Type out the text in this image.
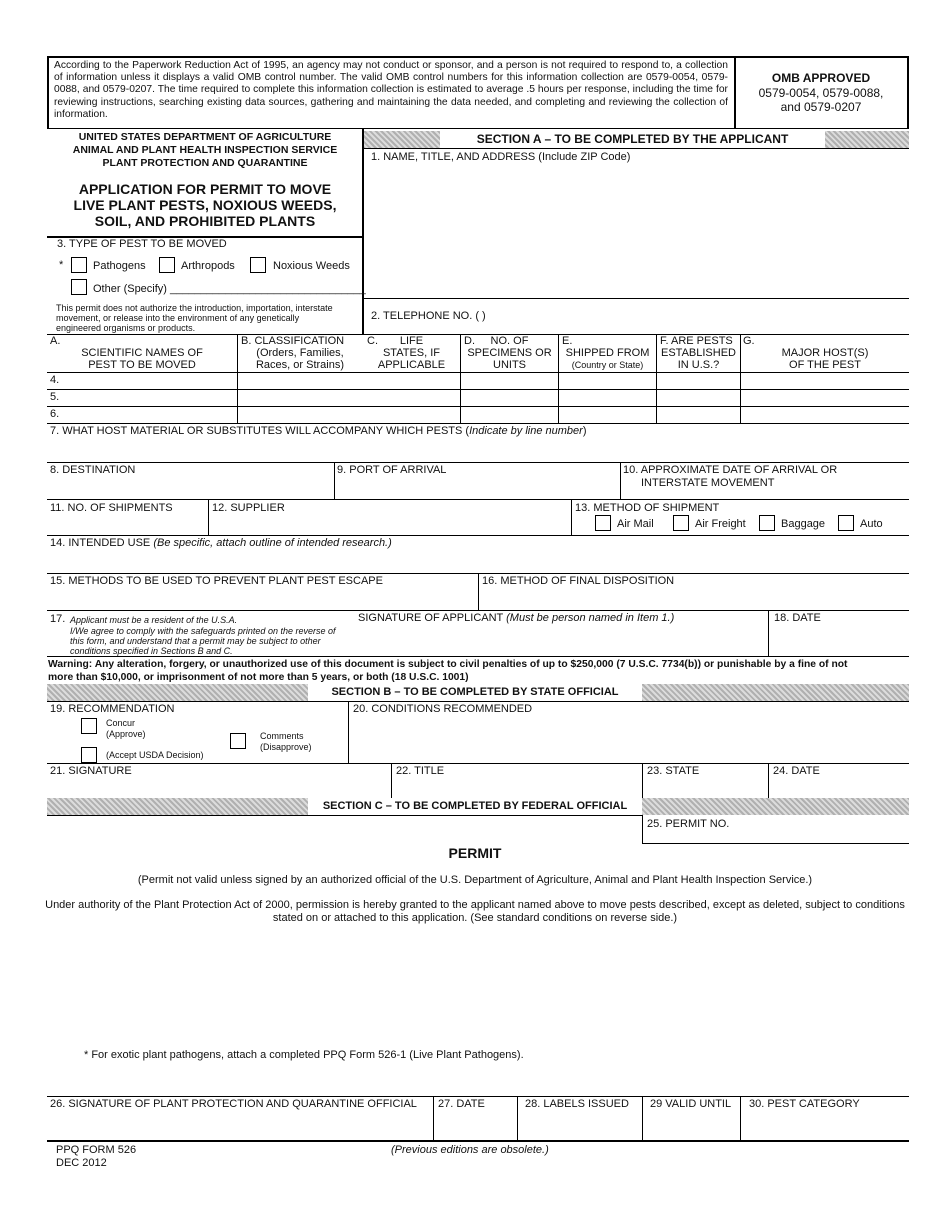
According to the Paperwork Reduction Act of 1995, an agency may not conduct or sponsor, and a person is not required to respond to, a collection of information unless it displays a valid OMB control number. The valid OMB control numbers for this information collection are 0579-0054, 0579-0088, and 0579-0207. The time required to complete this information collection is estimated to average .5 hours per response, including the time for reviewing instructions, searching existing data sources, gathering and maintaining the data needed, and completing and reviewing the collection of information.
OMB APPROVED
0579-0054, 0579-0088,
and 0579-0207
UNITED STATES DEPARTMENT OF AGRICULTURE
ANIMAL AND PLANT HEALTH INSPECTION SERVICE
PLANT PROTECTION AND QUARANTINE
APPLICATION FOR PERMIT TO MOVE
LIVE PLANT PESTS, NOXIOUS WEEDS,
SOIL, AND PROHIBITED PLANTS
SECTION A – TO BE COMPLETED BY THE APPLICANT
1. NAME, TITLE, AND ADDRESS (Include ZIP Code)
2. TELEPHONE NO. ( )
3. TYPE OF PEST TO BE MOVED
*	Pathogens	Arthropods	Noxious Weeds
Other (Specify) ________________________________
This permit does not authorize the introduction, importation, interstate
movement, or release into the environment of any genetically
engineered organisms or products.
A.
SCIENTIFIC NAMES OF
PEST TO BE MOVED
B. CLASSIFICATION
(Orders, Families,
Races, or Strains)
C.	LIFE
STATES, IF
APPLICABLE
D.	NO. OF
SPECIMENS OR
UNITS
E.
SHIPPED FROM
(Country or State)
F. ARE PESTS
ESTABLISHED
IN U.S.?
G.
MAJOR HOST(S)
OF THE PEST
4.
5.
6.
7. WHAT HOST MATERIAL OR SUBSTITUTES WILL ACCOMPANY WHICH PESTS (Indicate by line number)
8. DESTINATION	9. PORT OF ARRIVAL	10. APPROXIMATE DATE OF ARRIVAL OR
INTERSTATE MOVEMENT
11. NO. OF SHIPMENTS	12. SUPPLIER	13. METHOD OF SHIPMENT
Air Mail	Air Freight	Baggage	Auto
14. INTENDED USE (Be specific, attach outline of intended research.)
15. METHODS TO BE USED TO PREVENT PLANT PEST ESCAPE	16. METHOD OF FINAL DISPOSITION
17. Applicant must be a resident of the U.S.A.
I/We agree to comply with the safeguards printed on the reverse of
this form, and understand that a permit may be subject to other
conditions specified in Sections B and C.
SIGNATURE OF APPLICANT (Must be person named in Item 1.)	18. DATE
Warning: Any alteration, forgery, or unauthorized use of this document is subject to civil penalties of up to $250,000 (7 U.S.C. 7734(b)) or punishable by a fine of not
more than $10,000, or imprisonment of not more than 5 years, or both (18 U.S.C. 1001)
SECTION B – TO BE COMPLETED BY STATE OFFICIAL
19. RECOMMENDATION
Concur
(Approve)	Comments
(Disapprove)
(Accept USDA Decision)
20. CONDITIONS RECOMMENDED
21. SIGNATURE	22. TITLE	23. STATE	24. DATE
SECTION C – TO BE COMPLETED BY FEDERAL OFFICIAL
25. PERMIT NO.
PERMIT
(Permit not valid unless signed by an authorized official of the U.S. Department of Agriculture, Animal and Plant Health Inspection Service.)
Under authority of the Plant Protection Act of 2000, permission is hereby granted to the applicant named above to move pests described, except as deleted, subject to conditions
stated on or attached to this application. (See standard conditions on reverse side.)
* For exotic plant pathogens, attach a completed PPQ Form 526-1 (Live Plant Pathogens).
26. SIGNATURE OF PLANT PROTECTION AND QUARANTINE OFFICIAL 27. DATE	28. LABELS ISSUED 29 VALID UNTIL 30. PEST CATEGORY
PPQ FORM 526
DEC 2012
(Previous editions are obsolete.)
